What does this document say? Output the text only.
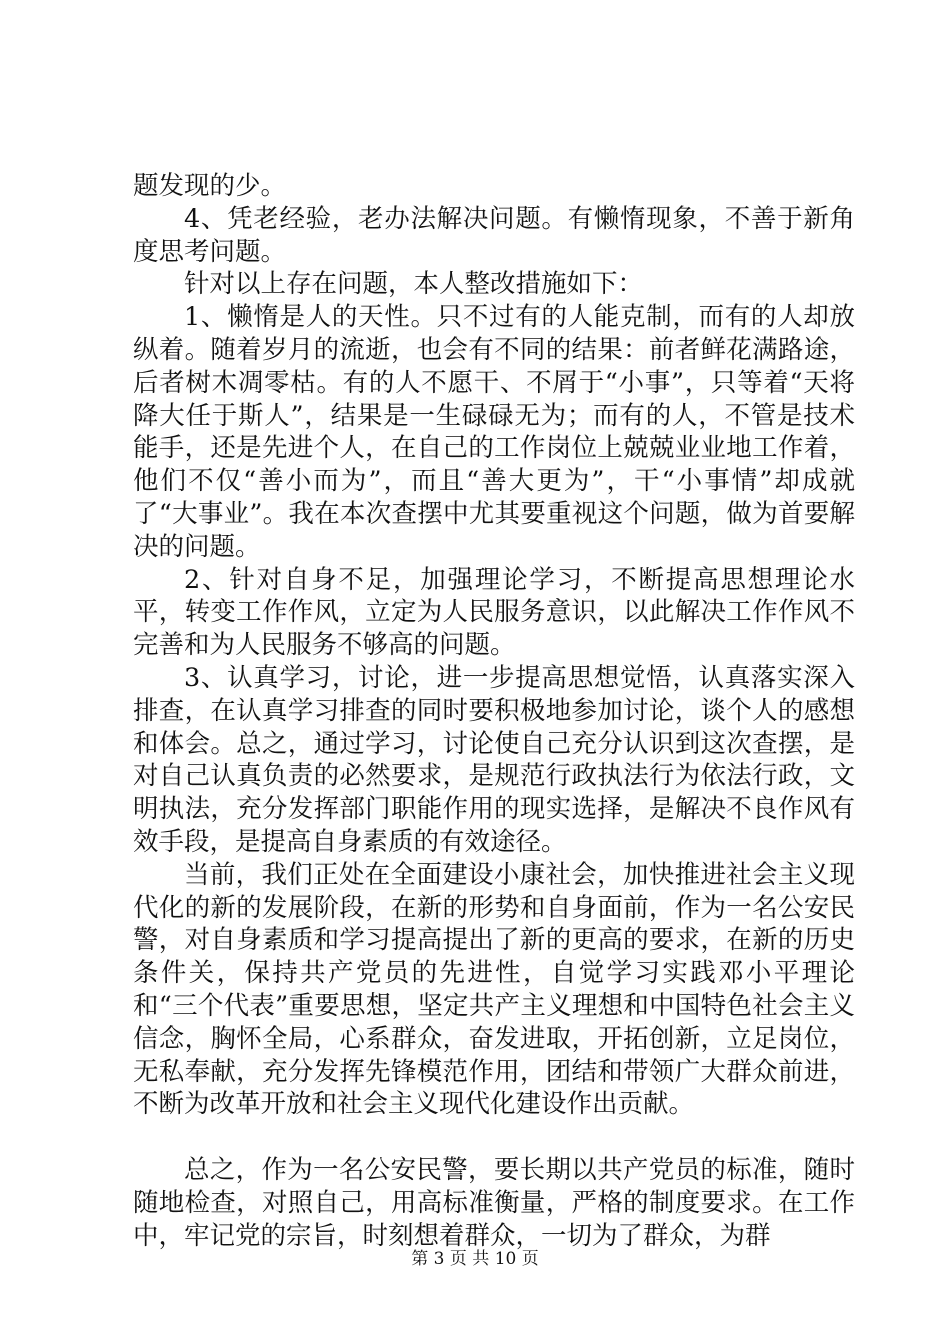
题发现的少。

4、凭老经验，老办法解决问题。有懒惰现象，不善于新角度思考问题。

针对以上存在问题，本人整改措施如下：

1、懒惰是人的天性。只不过有的人能克制，而有的人却放纵着。随着岁月的流逝，也会有不同的结果：前者鲜花满路途，后者树木凋零枯。有的人不愿干、不屑于“小事”，只等着“天将降大任于斯人”，结果是一生碌碌无为；而有的人，不管是技术能手，还是先进个人，在自己的工作岗位上兢兢业业地工作着，他们不仅“善小而为”，而且“善大更为”，干“小事情”却成就了“大事业”。我在本次查摆中尤其要重视这个问题，做为首要解决的问题。

2、针对自身不足，加强理论学习，不断提高思想理论水平，转变工作作风，立定为人民服务意识，以此解决工作作风不完善和为人民服务不够高的问题。

3、认真学习，讨论，进一步提高思想觉悟，认真落实深入排查，在认真学习排查的同时要积极地参加讨论，谈个人的感想和体会。总之，通过学习，讨论使自己充分认识到这次查摆，是对自己认真负责的必然要求，是规范行政执法行为依法行政，文明执法，充分发挥部门职能作用的现实选择，是解决不良作风有效手段，是提高自身素质的有效途径。

当前，我们正处在全面建设小康社会，加快推进社会主义现代化的新的发展阶段，在新的形势和自身面前，作为一名公安民警，对自身素质和学习提高提出了新的更高的要求，在新的历史条件关，保持共产党员的先进性，自觉学习实践邓小平理论和“三个代表”重要思想，坚定共产主义理想和中国特色社会主义信念，胸怀全局，心系群众，奋发进取，开拓创新，立足岗位，无私奉献，充分发挥先锋模范作用，团结和带领广大群众前进，不断为改革开放和社会主义现代化建设作出贡献。

总之，作为一名公安民警，要长期以共产党员的标准，随时随地检查，对照自己，用高标准衡量，严格的制度要求。在工作中，牢记党的宗旨，时刻想着群众，一切为了群众，为群

第 3 页 共 10 页
